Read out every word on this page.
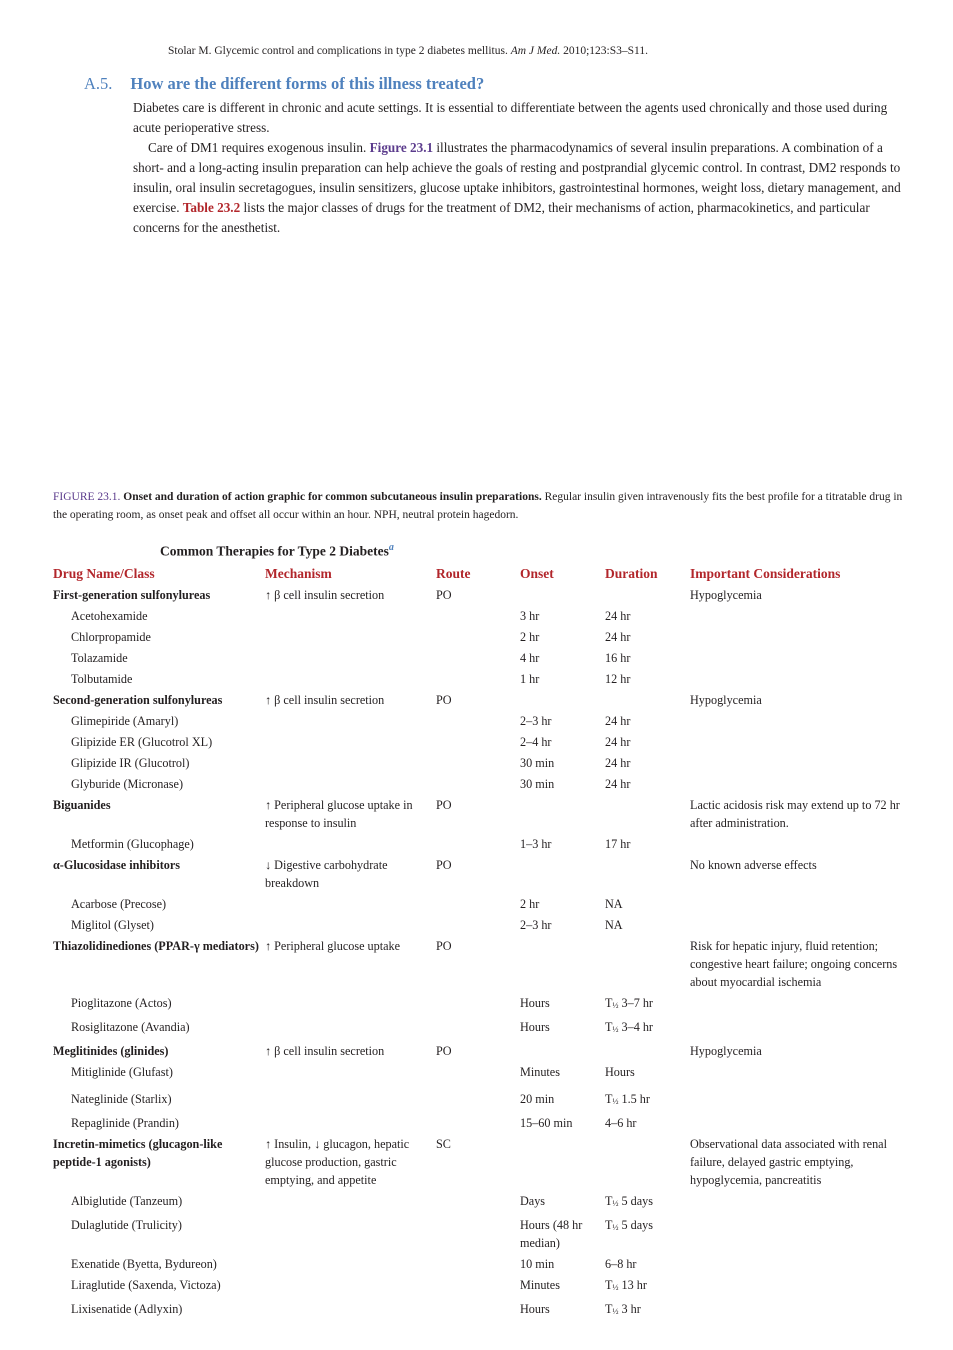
Stolar M. Glycemic control and complications in type 2 diabetes mellitus. Am J Med. 2010;123:S3–S11.
A.5. How are the different forms of this illness treated?

Diabetes care is different in chronic and acute settings. It is essential to differentiate between the agents used chronically and those used during acute perioperative stress.

Care of DM1 requires exogenous insulin. Figure 23.1 illustrates the pharmacodynamics of several insulin preparations. A combination of a short- and a long-acting insulin preparation can help achieve the goals of resting and postprandial glycemic control. In contrast, DM2 responds to insulin, oral insulin secretagogues, insulin sensitizers, glucose uptake inhibitors, gastrointestinal hormones, weight loss, dietary management, and exercise. Table 23.2 lists the major classes of drugs for the treatment of DM2, their mechanisms of action, pharmacokinetics, and particular concerns for the anesthetist.

FIGURE 23.1. Onset and duration of action graphic for common subcutaneous insulin preparations. Regular insulin given intravenously fits the best profile for a titratable drug in the operating room, as onset peak and offset all occur within an hour. NPH, neutral protein hagedorn.
Common Therapies for Type 2 Diabetes$^a$
Drug Name/Class	Mechanism	Route	Onset	Duration	Important Considerations
First-generation sulfonylureas	↑ β cell insulin secretion	PO			Hypoglycemia
Acetohexamide			3 hr	24 hr	
Chlorpropamide			2 hr	24 hr	
Tolazamide			4 hr	16 hr	
Tolbutamide			1 hr	12 hr	
Second-generation sulfonylureas	↑ β cell insulin secretion	PO			Hypoglycemia
Glimepiride (Amaryl)			2–3 hr	24 hr	
Glipizide ER (Glucotrol XL)			2–4 hr	24 hr	
Glipizide IR (Glucotrol)			30 min	24 hr	
Glyburide (Micronase)			30 min	24 hr	
Biguanides	↑ Peripheral glucose uptake in response to insulin	PO			Lactic acidosis risk may extend up to 72 hr after administration.
Metformin (Glucophage)			1–3 hr	17 hr	
α-Glucosidase inhibitors	↓ Digestive carbohydrate breakdown	PO			No known adverse effects
Acarbose (Precose)			2 hr	NA	
Miglitol (Glyset)			2–3 hr	NA	
Thiazolidinediones (PPAR-γ mediators)	↑ Peripheral glucose uptake	PO			Risk for hepatic injury, fluid retention; congestive heart failure; ongoing concerns about myocardial ischemia
Pioglitazone (Actos)			Hours	T½ 3–7 hr	
Rosiglitazone (Avandia)			Hours	T½ 3–4 hr	
Meglitinides (glinides)	↑ β cell insulin secretion	PO			Hypoglycemia
Mitiglinide (Glufast)			Minutes	Hours	
Nateglinide (Starlix)			20 min	T½ 1.5 hr	
Repaglinide (Prandin)			15–60 min	4–6 hr	
Incretin-mimetics (glucagon-like peptide-1 agonists)	↑ Insulin, ↓ glucagon, hepatic glucose production, gastric emptying, and appetite	SC			Observational data associated with renal failure, delayed gastric emptying, hypoglycemia, pancreatitis
Albiglutide (Tanzeum)			Days	T½ 5 days	
Dulaglutide (Trulicity)			Hours (48 hr median)	T½ 5 days	
Exenatide (Byetta, Bydureon)			10 min	6–8 hr	
Liraglutide (Saxenda, Victoza)			Minutes	T½ 13 hr	
Lixisenatide (Adlyxin)			Hours	T½ 3 hr	
